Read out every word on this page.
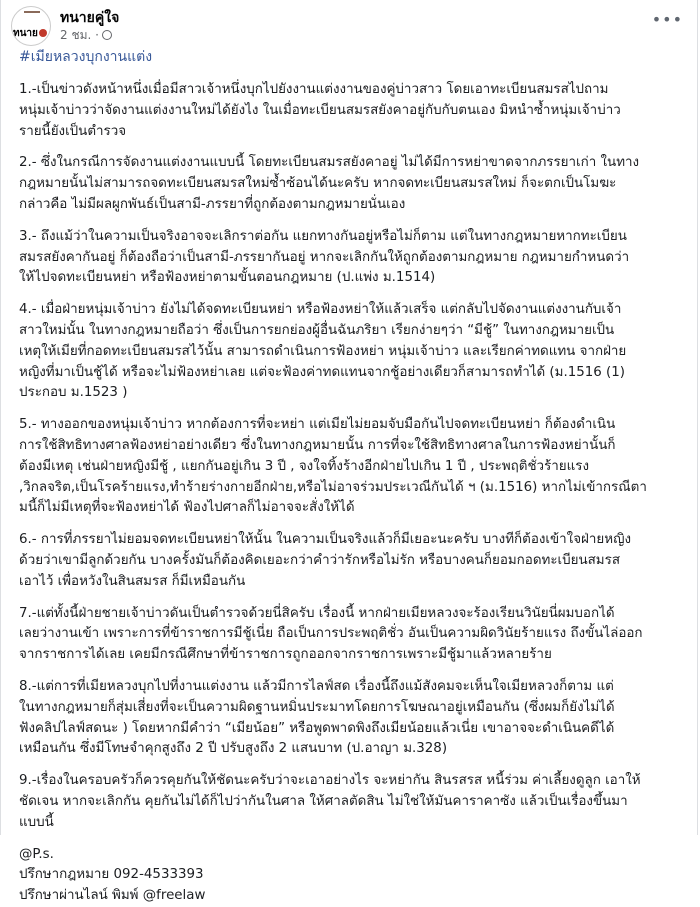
ทนาย
ทนายคู่ใจ
2 ชม. ·
•••
#เมียหลวงบุกงานแต่ง

1.-เป็นข่าวดังหน้าหนึ่งเมื่อมีสาวเจ้าหนึ่งบุกไปยังงานแต่งงานของคู่บ่าวสาว โดยเอาทะเบียนสมรสไปถาม
หนุ่มเจ้าบ่าวว่าจัดงานแต่งงานใหม่ได้ยังไง ในเมื่อทะเบียนสมรสยังคาอยู่กับกับตนเอง มิหนำซ้ำหนุ่มเจ้าบ่าว
รายนี้ยังเป็นตำรวจ

2.- ซึ่งในกรณีการจัดงานแต่งงานแบบนี้ โดยทะเบียนสมรสยังคาอยู่ ไม่ได้มีการหย่าขาดจากภรรยาเก่า ในทาง
กฎหมายนั้นไม่สามารถจดทะเบียนสมรสใหม่ซ้ำซ้อนได้นะครับ หากจดทะเบียนสมรสใหม่ ก็จะตกเป็นโมฆะ
กล่าวคือ ไม่มีผลผูกพันธ์เป็นสามี-ภรรยาที่ถูกต้องตามกฎหมายนั่นเอง

3.- ถึงแม้ว่าในความเป็นจริงอาจจะเลิกราต่อกัน แยกทางกันอยู่หรือไม่ก็ตาม แต่ในทางกฎหมายหากทะเบียน
สมรสยังคากันอยู่ ก็ต้องถือว่าเป็นสามี-ภรรยากันอยู่ หากจะเลิกกันให้ถูกต้องตามกฎหมาย กฎหมายกำหนดว่า
ให้ไปจดทะเบียนหย่า หรือฟ้องหย่าตามขั้นตอนกฎหมาย (ป.แพ่ง ม.1514)

4.- เมื่อฝ่ายหนุ่มเจ้าบ่าว ยังไม่ได้จดทะเบียนหย่า หรือฟ้องหย่าให้แล้วเสร็จ แต่กลับไปจัดงานแต่งงานกับเจ้า
สาวใหม่นั้น ในทางกฎหมายถือว่า ซึ่งเป็นการยกย่องผู้อื่นฉันภริยา เรียกง่ายๆว่า “มีชู้” ในทางกฎหมายเป็น
เหตุให้เมียที่กอดทะเบียนสมรสไว้นั้น สามารถดำเนินการฟ้องหย่า หนุ่มเจ้าบ่าว และเรียกค่าทดแทน จากฝ่าย
หญิงที่มาเป็นชู้ได้ หรือจะไม่ฟ้องหย่าเลย แต่จะฟ้องค่าทดแทนจากชู้อย่างเดียวก็สามารถทำได้ (ม.1516 (1)
ประกอบ ม.1523 )

5.- ทางออกของหนุ่มเจ้าบ่าว หากต้องการที่จะหย่า แต่เมียไม่ยอมจับมือกันไปจดทะเบียนหย่า ก็ต้องดำเนิน
การใช้สิทธิทางศาลฟ้องหย่าอย่างเดียว ซึ่งในทางกฎหมายนั้น การที่จะใช้สิทธิทางศาลในการฟ้องหย่านั้นก็
ต้องมีเหตุ เช่นฝ่ายหญิงมีชู้ , แยกกันอยู่เกิน 3 ปี , จงใจทิ้งร้างอีกฝ่ายไปเกิน 1 ปี , ประพฤติชั่วร้ายแรง
,วิกลจริต,เป็นโรคร้ายแรง,ทำร้ายร่างกายอีกฝ่าย,หรือไม่อาจร่วมประเวณีกันได้ ฯ (ม.1516) หากไม่เข้ากรณีตา
มนี้ก็ไม่มีเหตุที่จะฟ้องหย่าได้ ฟ้องไปศาลก็ไม่อาจจะสั่งให้ได้

6.- การที่ภรรยาไม่ยอมจดทะเบียนหย่าให้นั้น ในความเป็นจริงแล้วก็มีเยอะนะครับ บางทีก็ต้องเข้าใจฝ่ายหญิง
ด้วยว่าเขามีลูกด้วยกัน บางครั้งมันก็ต้องคิดเยอะกว่าคำว่ารักหรือไม่รัก หรือบางคนก็ยอมกอดทะเบียนสมรส
เอาไว้ เพื่อหวังในสินสมรส ก็มีเหมือนกัน

7.-แต่ทั้งนี้ฝ่ายชายเจ้าบ่าวดันเป็นตำรวจด้วยนี่สิครับ เรื่องนี้ หากฝ่ายเมียหลวงจะร้องเรียนวินัยนี่ผมบอกได้
เลยว่างานเข้า เพราะการที่ข้าราชการมีชู้เนี่ย ถือเป็นการประพฤติชั่ว อันเป็นความผิดวินัยร้ายแรง ถึงขั้นไล่ออก
จากราชการได้เลย เคยมีกรณีศึกษาที่ข้าราชการถูกออกจากราชการเพราะมีชู้มาแล้วหลายร้าย

8.-แต่การที่เมียหลวงบุกไปที่งานแต่งงาน แล้วมีการไลฟ์สด เรื่องนี้ถึงแม้สังคมจะเห็นใจเมียหลวงก็ตาม แต่
ในทางกฎหมายก็สุ่มเสี่ยงที่จะเป็นความผิดฐานหมิ่นประมาทโดยการโฆษณาอยู่เหมือนกัน (ซึ่งผมก็ยังไม่ได้
ฟังคลิปไลฟ์สดนะ ) โดยหากมีคำว่า “เมียน้อย” หรือพูดพาดพิงถึงเมียน้อยแล้วเนี่ย เขาอาจจะดำเนินคดีได้
เหมือนกัน ซึ่งมีโทษจำคุกสูงถึง 2 ปี ปรับสูงถึง 2 แสนบาท (ป.อาญา ม.328)

9.-เรื่องในครอบครัวก็ควรคุยกันให้ชัดนะครับว่าจะเอาอย่างไร จะหย่ากัน สินรสรส หนี้ร่วม ค่าเลี้ยงดูลูก เอาให้
ชัดเจน หากจะเลิกกัน คุยกันไม่ได้ก็ไปว่ากันในศาล ให้ศาลตัดสิน ไม่ใช่ให้มันคาราคาซัง แล้วเป็นเรื่องขึ้นมา
แบบนี้

@P.s.
ปรึกษากฎหมาย 092-4533393
ปรึกษาผ่านไลน์ พิมพ์ @freelaw
